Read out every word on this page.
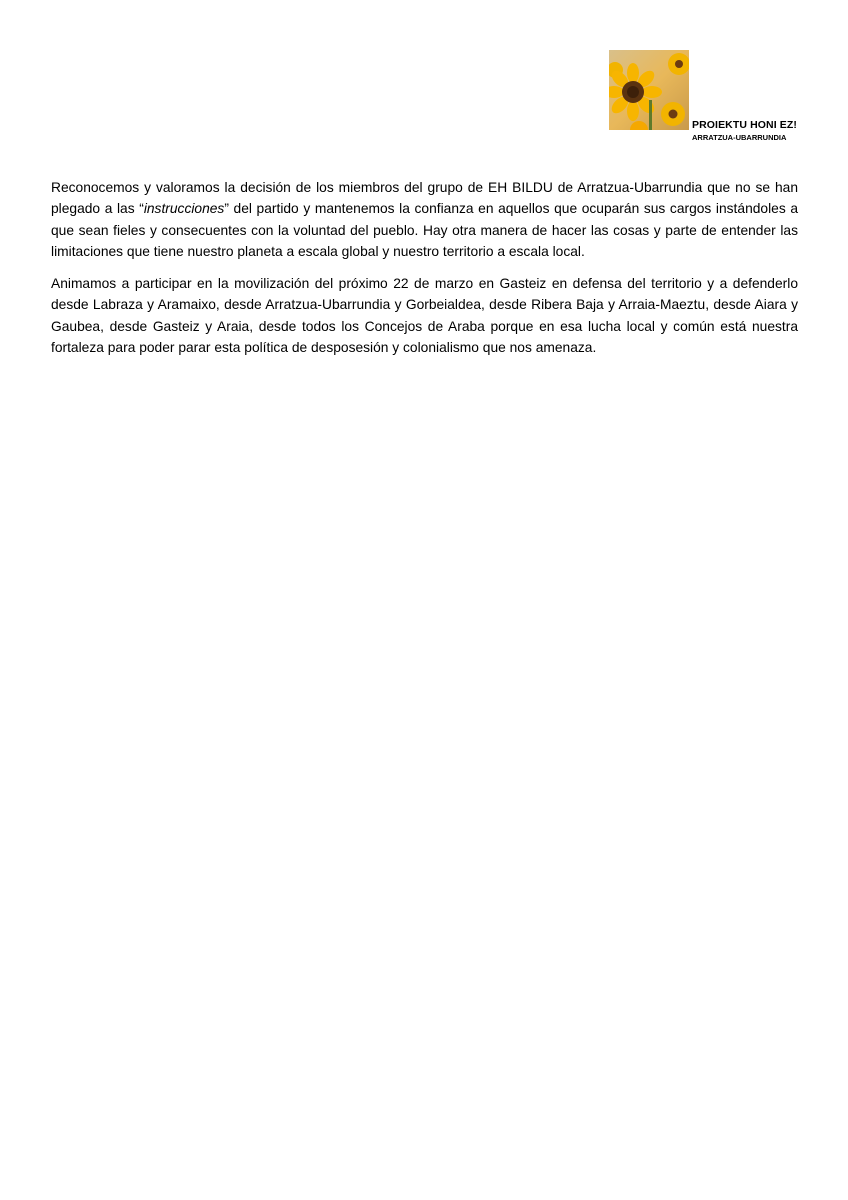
PROIEKTU HONI EZ!
ARRATZUA-UBARRUNDIA

Reconocemos y valoramos la decisión de los miembros del grupo de EH BILDU de Arratzua-Ubarrundia que no se han plegado a las “instrucciones” del partido y mantenemos la confianza en aquellos que ocuparán sus cargos instándoles a que sean fieles y consecuentes con la voluntad del pueblo. Hay otra manera de hacer las cosas y parte de entender las limitaciones que tiene nuestro planeta a escala global y nuestro territorio a escala local.

Animamos a participar en la movilización del próximo 22 de marzo en Gasteiz en defensa del territorio y a defenderlo desde Labraza y Aramaixo, desde Arratzua-Ubarrundia y Gorbeialdea, desde Ribera Baja y Arraia-Maeztu, desde Aiara y Gaubea, desde Gasteiz y Araia, desde todos los Concejos de Araba porque en esa lucha local y común está nuestra fortaleza para poder parar esta política de desposesión y colonialismo que nos amenaza.
